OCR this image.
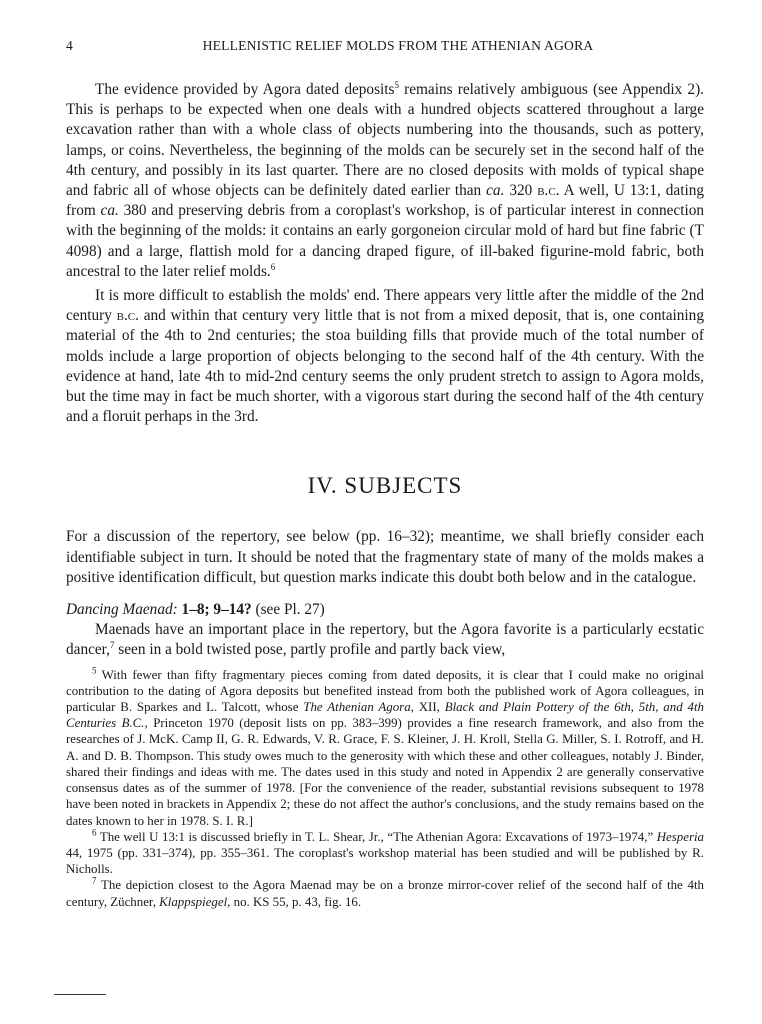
4	HELLENISTIC RELIEF MOLDS FROM THE ATHENIAN AGORA

The evidence provided by Agora dated deposits$^5$ remains relatively ambiguous (see Appendix 2). This is perhaps to be expected when one deals with a hundred objects scattered throughout a large excavation rather than with a whole class of objects numbering into the thousands, such as pottery, lamps, or coins. Nevertheless, the beginning of the molds can be securely set in the second half of the 4th century, and possibly in its last quarter. There are no closed deposits with molds of typical shape and fabric all of whose objects can be definitely dated earlier than ca. 320 b.c. A well, U 13:1, dating from ca. 380 and preserving debris from a coroplast's workshop, is of particular interest in connection with the beginning of the molds: it contains an early gorgoneion circular mold of hard but fine fabric (T 4098) and a large, flattish mold for a dancing draped figure, of ill-baked figurine-mold fabric, both ancestral to the later relief molds.$^6$

It is more difficult to establish the molds' end. There appears very little after the middle of the 2nd century b.c. and within that century very little that is not from a mixed deposit, that is, one containing material of the 4th to 2nd centuries; the stoa building fills that provide much of the total number of molds include a large proportion of objects belonging to the second half of the 4th century. With the evidence at hand, late 4th to mid-2nd century seems the only prudent stretch to assign to Agora molds, but the time may in fact be much shorter, with a vigorous start during the second half of the 4th century and a floruit perhaps in the 3rd.

IV. SUBJECTS

For a discussion of the repertory, see below (pp. 16–32); meantime, we shall briefly consider each identifiable subject in turn. It should be noted that the fragmentary state of many of the molds makes a positive identification difficult, but question marks indicate this doubt both below and in the catalogue.

Dancing Maenad: 1–8; 9–14? (see Pl. 27)

Maenads have an important place in the repertory, but the Agora favorite is a particularly ecstatic dancer,$^7$ seen in a bold twisted pose, partly profile and partly back view,

$^5$ With fewer than fifty fragmentary pieces coming from dated deposits, it is clear that I could make no original contribution to the dating of Agora deposits but benefited instead from both the published work of Agora colleagues, in particular B. Sparkes and L. Talcott, whose The Athenian Agora, XII, Black and Plain Pottery of the 6th, 5th, and 4th Centuries B.C., Princeton 1970 (deposit lists on pp. 383–399) provides a fine research framework, and also from the researches of J. McK. Camp II, G. R. Edwards, V. R. Grace, F. S. Kleiner, J. H. Kroll, Stella G. Miller, S. I. Rotroff, and H. A. and D. B. Thompson. This study owes much to the generosity with which these and other colleagues, notably J. Binder, shared their findings and ideas with me. The dates used in this study and noted in Appendix 2 are generally conservative consensus dates as of the summer of 1978. [For the convenience of the reader, substantial revisions subsequent to 1978 have been noted in brackets in Appendix 2; these do not affect the author's conclusions, and the study remains based on the dates known to her in 1978. S. I. R.]

$^6$ The well U 13:1 is discussed briefly in T. L. Shear, Jr., “The Athenian Agora: Excavations of 1973–1974,” Hesperia 44, 1975 (pp. 331–374), pp. 355–361. The coroplast's workshop material has been studied and will be published by R. Nicholls.

$^7$ The depiction closest to the Agora Maenad may be on a bronze mirror-cover relief of the second half of the 4th century, Züchner, Klappspiegel, no. KS 55, p. 43, fig. 16.
